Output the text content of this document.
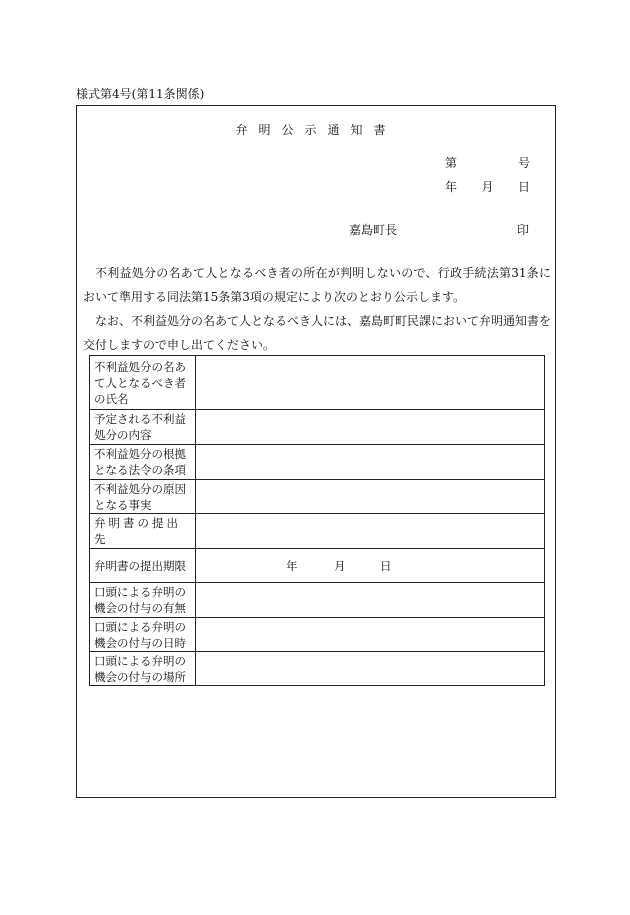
様式第4号(第11条関係)
弁明公示通知書
第	号
年 月 日
嘉島町長	印

不利益処分の名あて人となるべき者の所在が判明しないので、行政手続法第31条において準用する同法第15条第3項の規定により次のとおり公示します。

なお、不利益処分の名あて人となるべき人には、嘉島町町民課において弁明通知書を交付しますので申し出てください。

不利益処分の名あて人となるべき者の氏名	
予定される不利益処分の内容	
不利益処分の根拠となる法令の条項	
不利益処分の原因となる事実	
弁明書の提出先	
弁明書の提出期限	年 月 日

口頭による弁明の機会の付与の有無	
口頭による弁明の機会の付与の日時	
口頭による弁明の機会の付与の場所	
